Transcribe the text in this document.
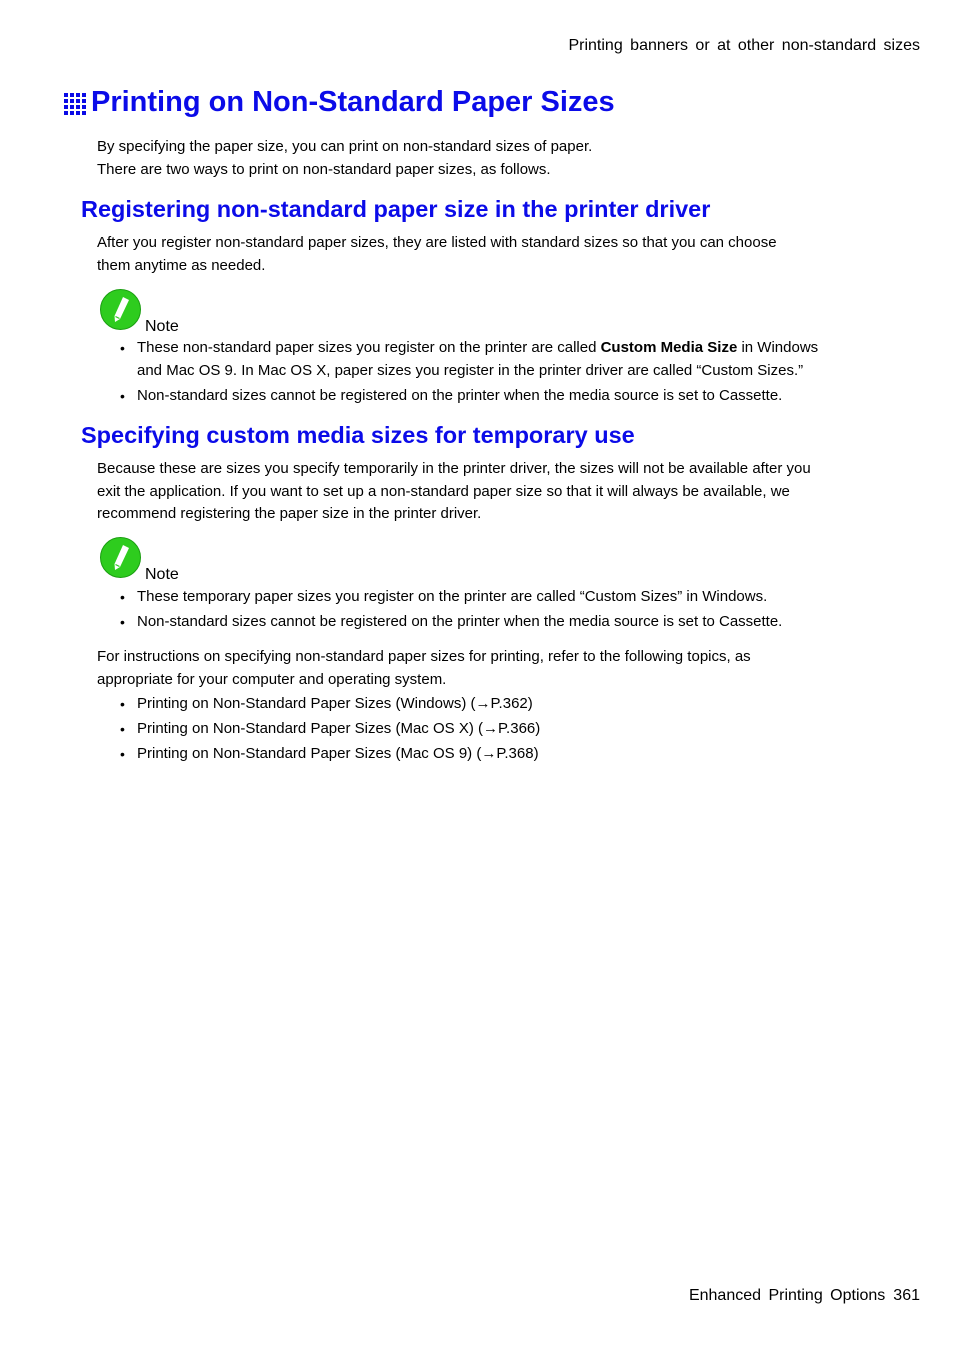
Printing banners or at other non-standard sizes
Printing on Non-Standard Paper Sizes
By specifying the paper size, you can print on non-standard sizes of paper.
There are two ways to print on non-standard paper sizes, as follows.
Registering non-standard paper size in the printer driver
After you register non-standard paper sizes, they are listed with standard sizes so that you can choose
them anytime as needed.
Note
• These non-standard paper sizes you register on the printer are called Custom Media Size in Windows
and Mac OS 9. In Mac OS X, paper sizes you register in the printer driver are called “Custom Sizes.”
• Non-standard sizes cannot be registered on the printer when the media source is set to Cassette.
Specifying custom media sizes for temporary use
Because these are sizes you specify temporarily in the printer driver, the sizes will not be available after you
exit the application. If you want to set up a non-standard paper size so that it will always be available, we
recommend registering the paper size in the printer driver.
Note
• These temporary paper sizes you register on the printer are called “Custom Sizes” in Windows.
• Non-standard sizes cannot be registered on the printer when the media source is set to Cassette.
For instructions on specifying non-standard paper sizes for printing, refer to the following topics, as
appropriate for your computer and operating system.
• Printing on Non-Standard Paper Sizes (Windows) (→P.362)
• Printing on Non-Standard Paper Sizes (Mac OS X) (→P.366)
• Printing on Non-Standard Paper Sizes (Mac OS 9) (→P.368)
Enhanced Printing Options 361
